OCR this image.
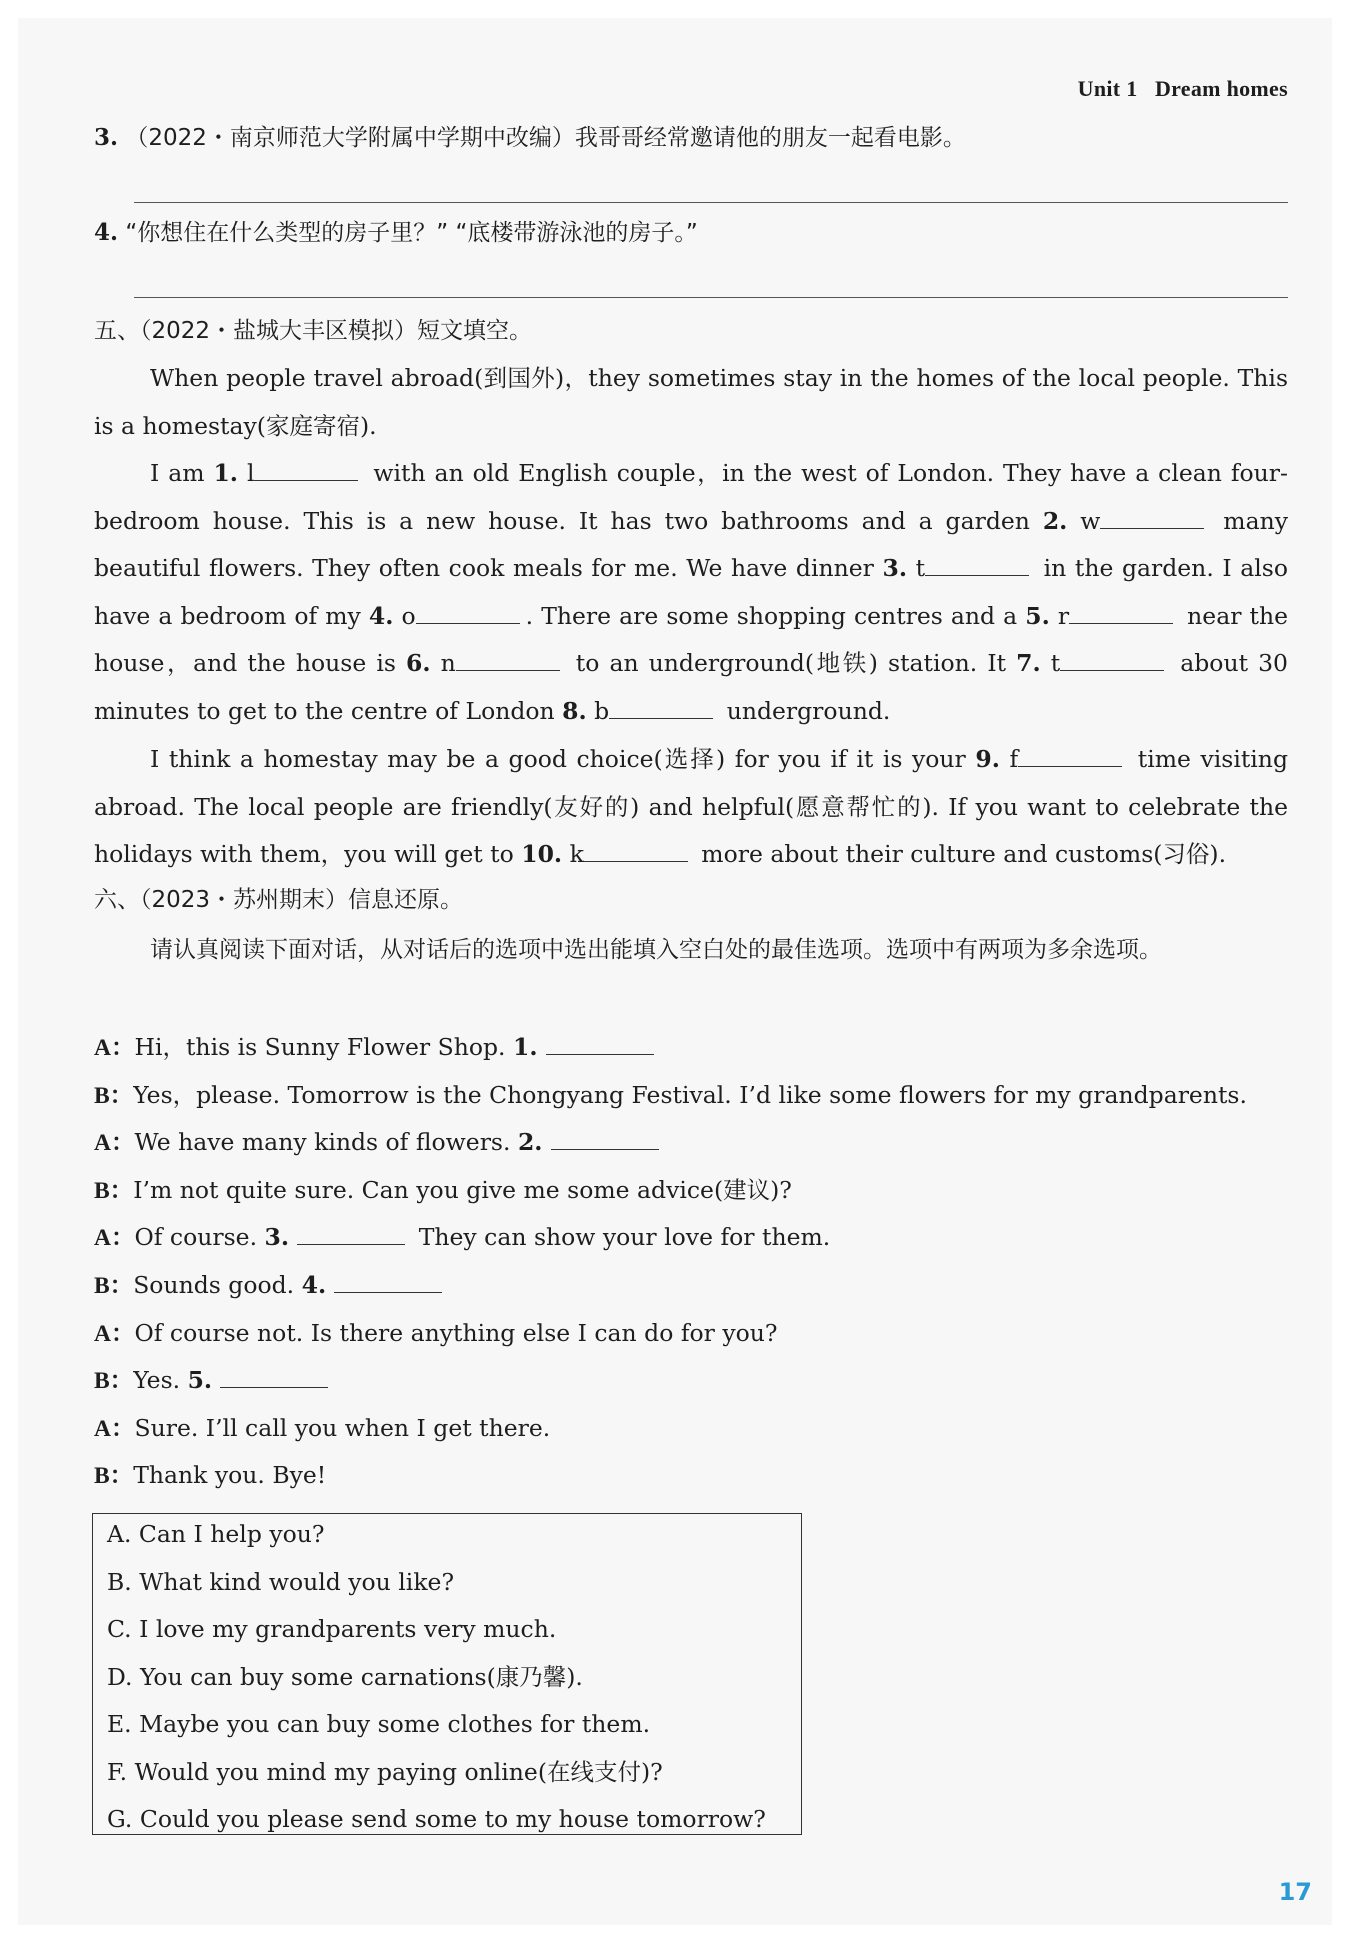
Unit 1 Dream homes
3. （2022・南京师范大学附属中学期中改编）我哥哥经常邀请他的朋友一起看电影。
4. “你想住在什么类型的房子里？” “底楼带游泳池的房子。”
五、（2022・盐城大丰区模拟）短文填空。
When people travel abroad(到国外)，they sometimes stay in the homes of the local people. This is a homestay(家庭寄宿).
I am 1. l	with an old English couple，in the west of London. They have a clean four-bedroom house. This is a new house. It has two bathrooms and a garden 2. w	many beautiful flowers. They often cook meals for me. We have dinner 3. t	in the garden. I also have a bedroom of my 4. o	. There are some shopping centres and a 5. r	near the house，and the house is 6. n	to an underground(地铁) station. It 7. t	about 30 minutes to get to the centre of London 8. b	underground.
I think a homestay may be a good choice(选择) for you if it is your 9. f	time visiting abroad. The local people are friendly(友好的) and helpful(愿意帮忙的). If you want to celebrate the holidays with them，you will get to 10. k	more about their culture and customs(习俗).
六、（2023・苏州期末）信息还原。
请认真阅读下面对话，从对话后的选项中选出能填入空白处的最佳选项。选项中有两项为多余选项。
A：Hi，this is Sunny Flower Shop. 1.
B：Yes，please. Tomorrow is the Chongyang Festival. I’d like some flowers for my grandparents.
A：We have many kinds of flowers. 2.
B：I’m not quite sure. Can you give me some advice(建议)?
A：Of course. 3.	They can show your love for them.
B：Sounds good. 4.
A：Of course not. Is there anything else I can do for you?
B：Yes. 5.
A：Sure. I’ll call you when I get there.
B：Thank you. Bye!
A. Can I help you?
B. What kind would you like?
C. I love my grandparents very much.
D. You can buy some carnations(康乃馨).
E. Maybe you can buy some clothes for them.
F. Would you mind my paying online(在线支付)?
G. Could you please send some to my house tomorrow?
17
